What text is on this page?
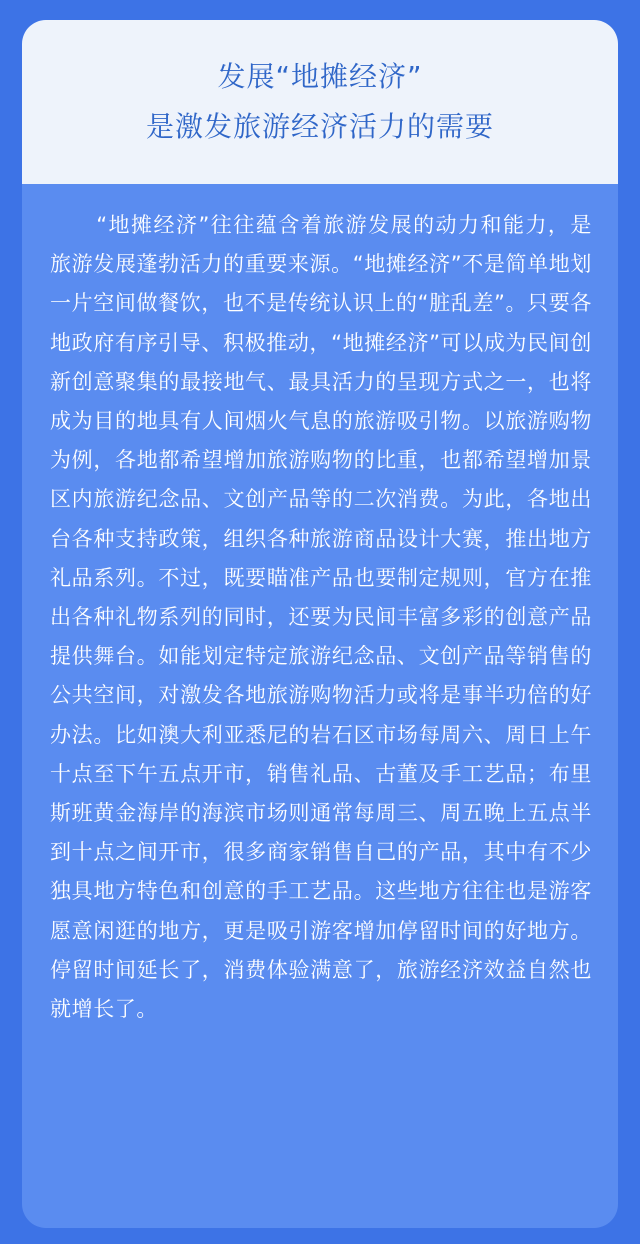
发展“地摊经济”
是激发旅游经济活力的需要

“地摊经济”往往蕴含着旅游发展的动力和能力，是旅游发展蓬勃活力的重要来源。“地摊经济”不是简单地划一片空间做餐饮，也不是传统认识上的“脏乱差”。只要各地政府有序引导、积极推动，“地摊经济”可以成为民间创新创意聚集的最接地气、最具活力的呈现方式之一，也将成为目的地具有人间烟火气息的旅游吸引物。以旅游购物为例，各地都希望增加旅游购物的比重，也都希望增加景区内旅游纪念品、文创产品等的二次消费。为此，各地出台各种支持政策，组织各种旅游商品设计大赛，推出地方礼品系列。不过，既要瞄准产品也要制定规则，官方在推出各种礼物系列的同时，还要为民间丰富多彩的创意产品提供舞台。如能划定特定旅游纪念品、文创产品等销售的公共空间，对激发各地旅游购物活力或将是事半功倍的好办法。比如澳大利亚悉尼的岩石区市场每周六、周日上午十点至下午五点开市，销售礼品、古董及手工艺品；布里斯班黄金海岸的海滨市场则通常每周三、周五晚上五点半到十点之间开市，很多商家销售自己的产品，其中有不少独具地方特色和创意的手工艺品。这些地方往往也是游客愿意闲逛的地方，更是吸引游客增加停留时间的好地方。停留时间延长了，消费体验满意了，旅游经济效益自然也就增长了。
